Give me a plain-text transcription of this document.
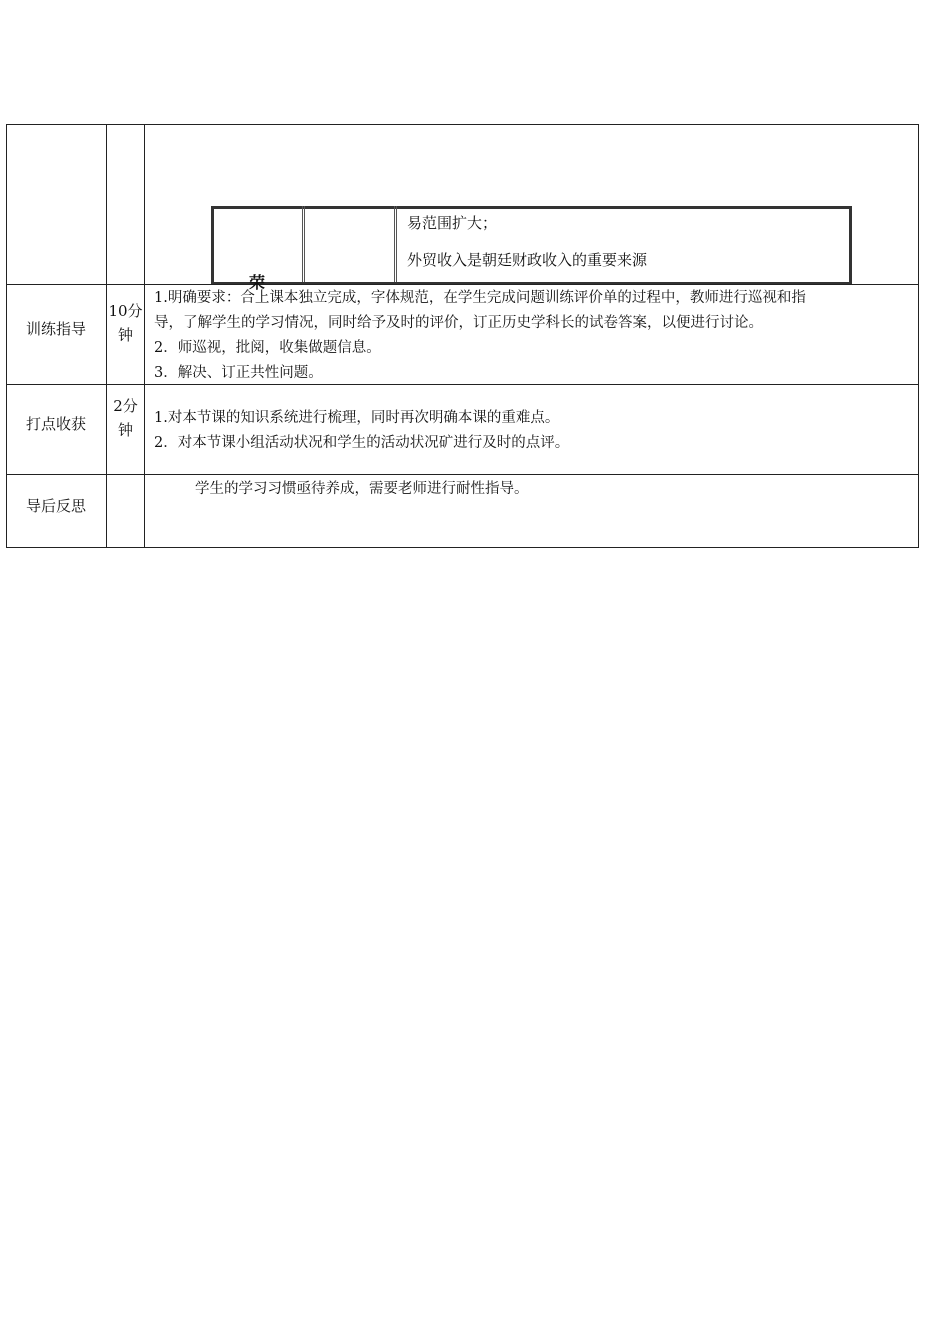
易范围扩大；
外贸收入是朝廷财政收入的重要来源
荣
训练指导
10分钟
1.明确要求：合上课本独立完成，字体规范，在学生完成问题训练评价单的过程中，教师进行巡视和指
导，了解学生的学习情况，同时给予及时的评价，订正历史学科长的试卷答案，以便进行讨论。
2．师巡视，批阅，收集做题信息。
3．解决、订正共性问题。
打点收获
2分钟
1.对本节课的知识系统进行梳理，同时再次明确本课的重难点。
2．对本节课小组活动状况和学生的活动状况矿进行及时的点评。
导后反思
学生的学习习惯亟待养成，需要老师进行耐性指导。
